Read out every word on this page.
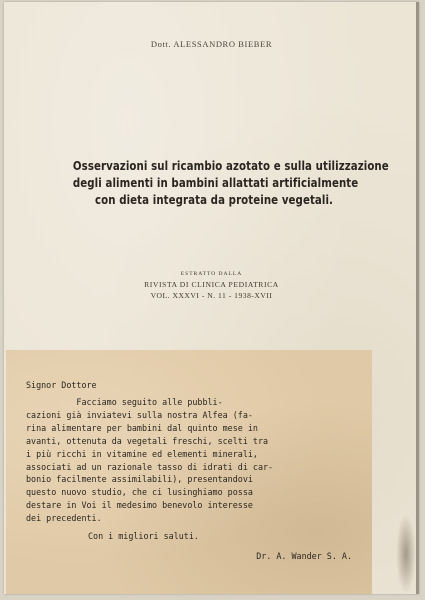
Dott. ALESSANDRO BIEBER
Osservazioni sul ricambio azotato e sulla utilizzazione
degli alimenti in bambini allattati artificialmente
con dieta integrata da proteine vegetali.
ESTRATTO DALLA
RIVISTA DI CLINICA PEDIATRICA
VOL. XXXVI - N. 11 - 1938-XVII
Signor Dottore
Facciamo seguito alle pubbli-
cazioni già inviatevi sulla nostra Alfea (fa-
rina alimentare per bambini dal quinto mese in
avanti, ottenuta da vegetali freschi, scelti tra
i più ricchi in vitamine ed elementi minerali,
associati ad un razionale tasso di idrati di car-
bonio facilmente assimilabili), presentandovi
questo nuovo studio, che ci lusinghiamo possa
destare in Voi il medesimo benevolo interesse
dei precedenti.
Con i migliori saluti.
Dr. A. Wander S. A.
